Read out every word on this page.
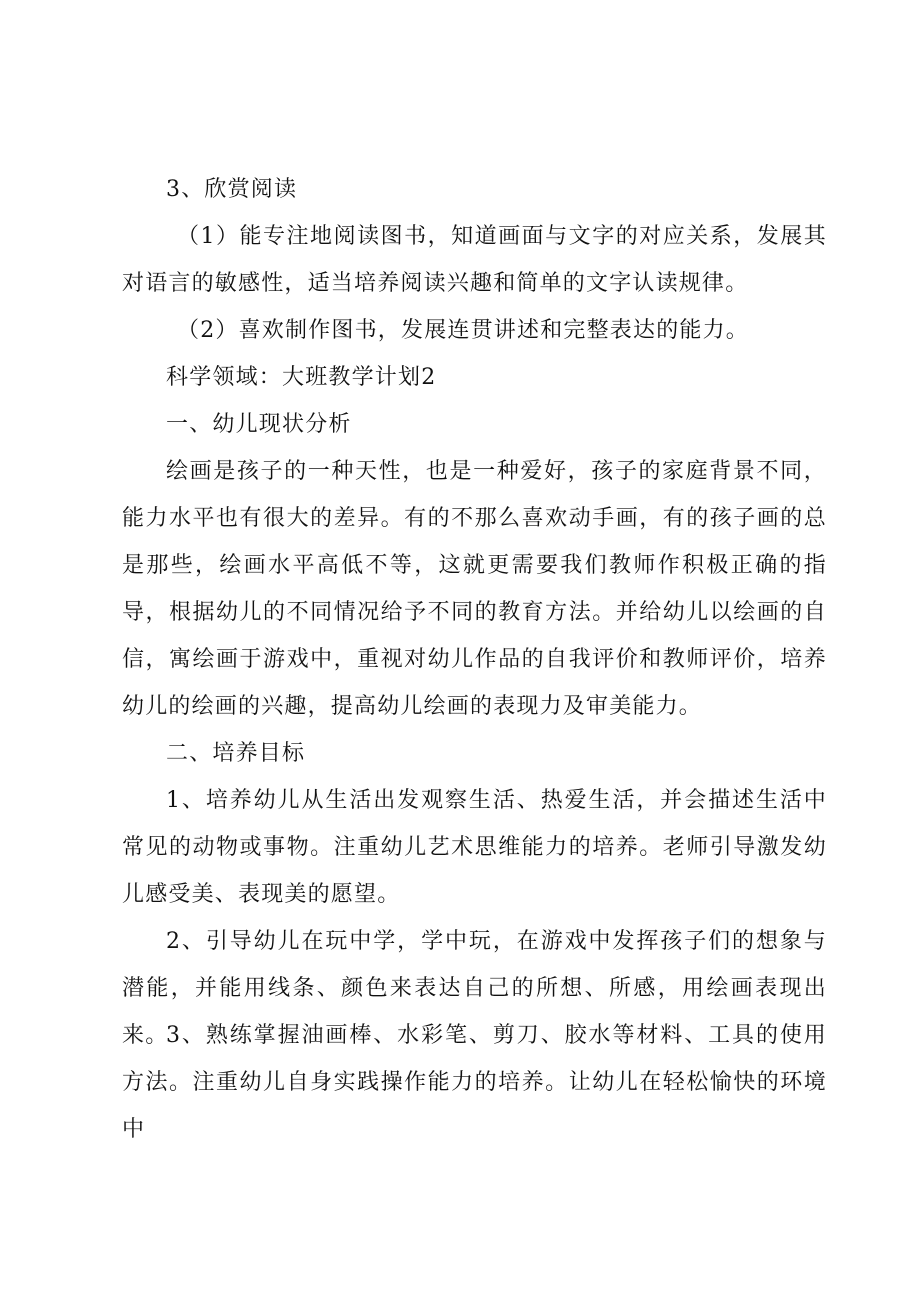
3、欣赏阅读

（1）能专注地阅读图书，知道画面与文字的对应关系，发展其对语言的敏感性，适当培养阅读兴趣和简单的文字认读规律。

（2）喜欢制作图书，发展连贯讲述和完整表达的能力。

科学领域：大班教学计划2

一、幼儿现状分析

绘画是孩子的一种天性，也是一种爱好，孩子的家庭背景不同，能力水平也有很大的差异。有的不那么喜欢动手画，有的孩子画的总是那些，绘画水平高低不等，这就更需要我们教师作积极正确的指导，根据幼儿的不同情况给予不同的教育方法。并给幼儿以绘画的自信，寓绘画于游戏中，重视对幼儿作品的自我评价和教师评价，培养幼儿的绘画的兴趣，提高幼儿绘画的表现力及审美能力。

二、培养目标

1、培养幼儿从生活出发观察生活、热爱生活，并会描述生活中常见的动物或事物。注重幼儿艺术思维能力的培养。老师引导激发幼儿感受美、表现美的愿望。

2、引导幼儿在玩中学，学中玩，在游戏中发挥孩子们的想象与潜能，并能用线条、颜色来表达自己的所想、所感，用绘画表现出来。

3、熟练掌握油画棒、水彩笔、剪刀、胶水等材料、工具的使用方法。注重幼儿自身实践操作能力的培养。让幼儿在轻松愉快的环境中
